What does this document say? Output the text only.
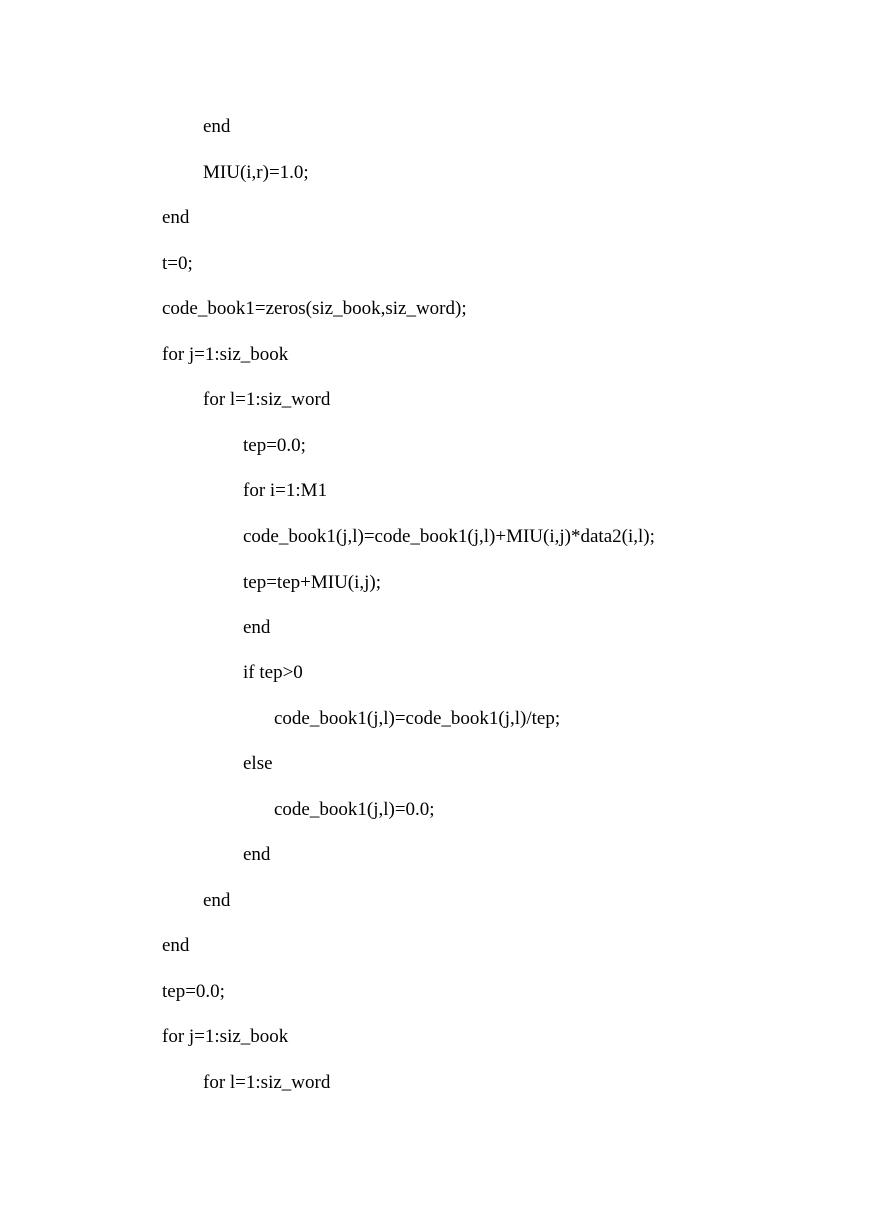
end

MIU(i,r)=1.0;

end

t=0;

code_book1=zeros(siz_book,siz_word);

for j=1:siz_book

for l=1:siz_word

tep=0.0;

for i=1:M1

code_book1(j,l)=code_book1(j,l)+MIU(i,j)*data2(i,l);

tep=tep+MIU(i,j);

end

if tep>0

code_book1(j,l)=code_book1(j,l)/tep;

else

code_book1(j,l)=0.0;

end

end

end

tep=0.0;

for j=1:siz_book

for l=1:siz_word
